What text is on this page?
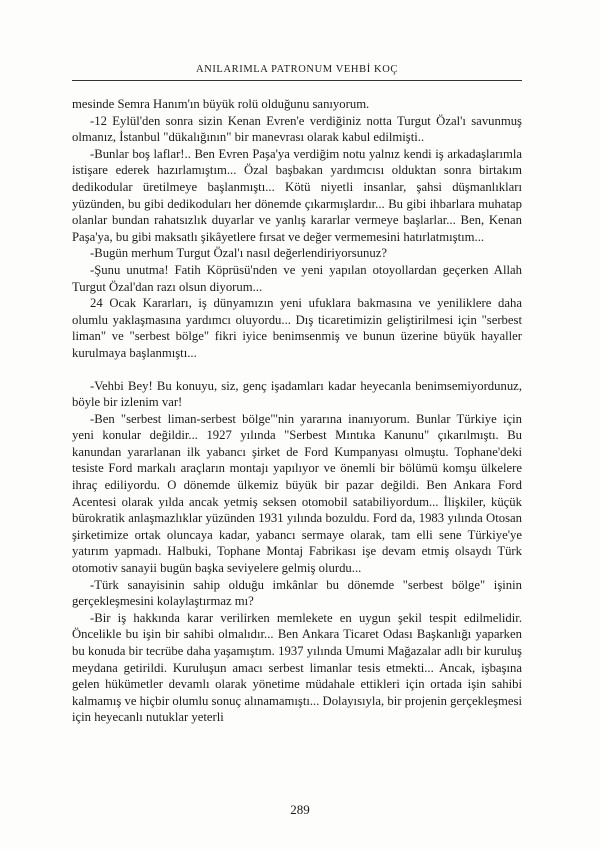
ANILARIMLA PATRONUM VEHBİ KOÇ

mesinde Semra Hanım'ın büyük rolü olduğunu sanıyorum.

-12 Eylül'den sonra sizin Kenan Evren'e verdiğiniz notta Turgut Özal'ı savunmuş olmanız, İstanbul "dükalığının" bir manevrası olarak kabul edilmişti..

-Bunlar boş laflar!.. Ben Evren Paşa'ya verdiğim notu yalnız kendi iş arkadaşlarımla istişare ederek hazırlamıştım... Özal başbakan yardımcısı olduktan sonra birtakım dedikodular üretilmeye başlanmıştı... Kötü niyetli insanlar, şahsi düşmanlıkları yüzünden, bu gibi dedikoduları her dönemde çıkarmışlardır... Bu gibi ihbarlara muhatap olanlar bundan rahatsızlık duyarlar ve yanlış kararlar vermeye başlarlar... Ben, Kenan Paşa'ya, bu gibi maksatlı şikâyetlere fırsat ve değer vermemesini hatırlatmıştım...

-Bugün merhum Turgut Özal'ı nasıl değerlendiriyorsunuz?

-Şunu unutma! Fatih Köprüsü'nden ve yeni yapılan otoyollardan geçerken Allah Turgut Özal'dan razı olsun diyorum...

24 Ocak Kararları, iş dünyamızın yeni ufuklara bakmasına ve yeniliklere daha olumlu yaklaşmasına yardımcı oluyordu... Dış ticaretimizin geliştirilmesi için "serbest liman" ve "serbest bölge" fikri iyice benimsenmiş ve bunun üzerine büyük hayaller kurulmaya başlanmıştı...

-Vehbi Bey! Bu konuyu, siz, genç işadamları kadar heyecanla benimsemiyordunuz, böyle bir izlenim var!

-Ben "serbest liman-serbest bölge"'nin yararına inanıyorum. Bunlar Türkiye için yeni konular değildir... 1927 yılında "Serbest Mıntıka Kanunu" çıkarılmıştı. Bu kanundan yararlanan ilk yabancı şirket de Ford Kumpanyası olmuştu. Tophane'deki tesiste Ford markalı araçların montajı yapılıyor ve önemli bir bölümü komşu ülkelere ihraç ediliyordu. O dönemde ülkemiz büyük bir pazar değildi. Ben Ankara Ford Acentesi olarak yılda ancak yetmiş seksen otomobil satabiliyordum... İlişkiler, küçük bürokratik anlaşmazlıklar yüzünden 1931 yılında bozuldu. Ford da, 1983 yılında Otosan şirketimize ortak oluncaya kadar, yabancı sermaye olarak, tam elli sene Türkiye'ye yatırım yapmadı. Halbuki, Tophane Montaj Fabrikası işe devam etmiş olsaydı Türk otomotiv sanayii bugün başka seviyelere gelmiş olurdu...

-Türk sanayisinin sahip olduğu imkânlar bu dönemde "serbest bölge" işinin gerçekleşmesini kolaylaştırmaz mı?

-Bir iş hakkında karar verilirken memlekete en uygun şekil tespit edilmelidir. Öncelikle bu işin bir sahibi olmalıdır... Ben Ankara Ticaret Odası Başkanlığı yaparken bu konuda bir tecrübe daha yaşamıştım. 1937 yılında Umumi Mağazalar adlı bir kuruluş meydana getirildi. Kuruluşun amacı serbest limanlar tesis etmekti... Ancak, işbaşına gelen hükümetler devamlı olarak yönetime müdahale ettikleri için ortada işin sahibi kalmamış ve hiçbir olumlu sonuç alınamamıştı... Dolayısıyla, bir projenin gerçekleşmesi için heyecanlı nutuklar yeterli

289
